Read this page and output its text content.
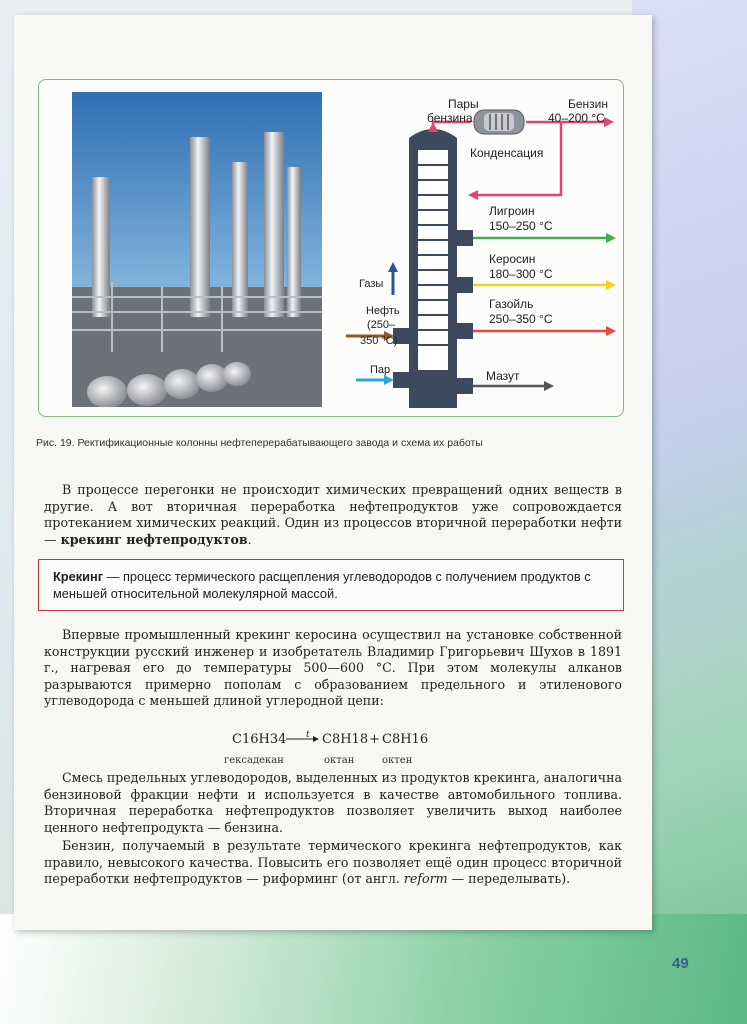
Пары
бензина
Бензин
40–200 °С
Конденсация
Лигроин
150–250 °С
Керосин
180–300 °С
Газойль
250–350 °С
Мазут
Газы
Нефть
(250–
350 °С)
Пар
Рис. 19. Ректификационные колонны нефтеперерабатывающего завода и схема их работы
В процессе перегонки не происходит химических превращений одних веществ в другие. А вот вторичная переработка нефтепродуктов уже сопровождается протеканием химических реакций. Один из процессов вторичной переработки нефти — крекинг нефтепродуктов.
Крекинг — процесс термического расщепления углеводородов с получением продуктов с меньшей относительной молекулярной массой.
Впервые промышленный крекинг керосина осуществил на установке собственной конструкции русский инженер и изобретатель Владимир Григорьевич Шухов в 1891 г., нагревая его до температуры 500—600 °С. При этом молекулы алканов разрываются примерно пополам с образованием предельного и этиленового углеводорода с меньшей длиной углеродной цепи:
C16H34 t C8H18 + C8H16
гексадекан	октан	октен
Смесь предельных углеводородов, выделенных из продуктов крекинга, аналогична бензиновой фракции нефти и используется в качестве автомобильного топлива. Вторичная переработка нефтепродуктов позволяет увеличить выход наиболее ценного нефтепродукта — бензина.
Бензин, получаемый в результате термического крекинга нефтепродуктов, как правило, невысокого качества. Повысить его позволяет ещё один процесс вторичной переработки нефтепродуктов — риформинг (от англ. reform — переделывать).
49
